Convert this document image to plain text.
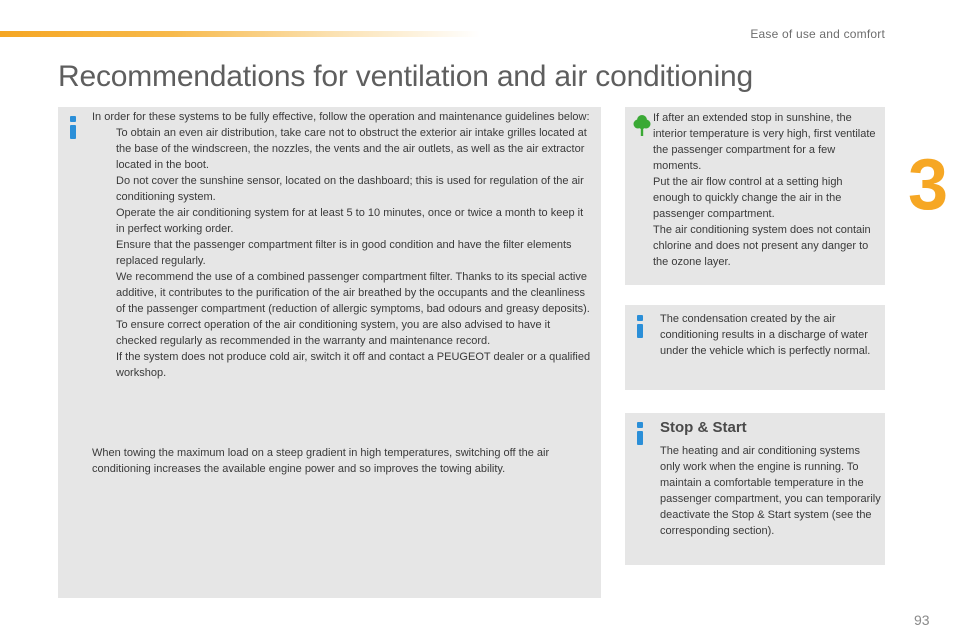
Ease of use and comfort
3
Recommendations for ventilation and air conditioning
In order for these systems to be fully effective, follow the operation and maintenance guidelines below:
To obtain an even air distribution, take care not to obstruct the exterior air intake grilles located at the base of the windscreen, the nozzles, the vents and the air outlets, as well as the air extractor located in the boot.
Do not cover the sunshine sensor, located on the dashboard; this is used for regulation of the air conditioning system.
Operate the air conditioning system for at least 5 to 10 minutes, once or twice a month to keep it in perfect working order.
Ensure that the passenger compartment filter is in good condition and have the filter elements replaced regularly.
We recommend the use of a combined passenger compartment filter. Thanks to its special active additive, it contributes to the purification of the air breathed by the occupants and the cleanliness of the passenger compartment (reduction of allergic symptoms, bad odours and greasy deposits).
To ensure correct operation of the air conditioning system, you are also advised to have it checked regularly as recommended in the warranty and maintenance record.
If the system does not produce cold air, switch it off and contact a PEUGEOT dealer or a qualified workshop.
When towing the maximum load on a steep gradient in high temperatures, switching off the air conditioning increases the available engine power and so improves the towing ability.
If after an extended stop in sunshine, the interior temperature is very high, first ventilate the passenger compartment for a few moments.
Put the air flow control at a setting high enough to quickly change the air in the passenger compartment.
The air conditioning system does not contain chlorine and does not present any danger to the ozone layer.
The condensation created by the air conditioning results in a discharge of water under the vehicle which is perfectly normal.
Stop & Start
The heating and air conditioning systems only work when the engine is running. To maintain a comfortable temperature in the passenger compartment, you can temporarily deactivate the Stop & Start system (see the corresponding section).
93
